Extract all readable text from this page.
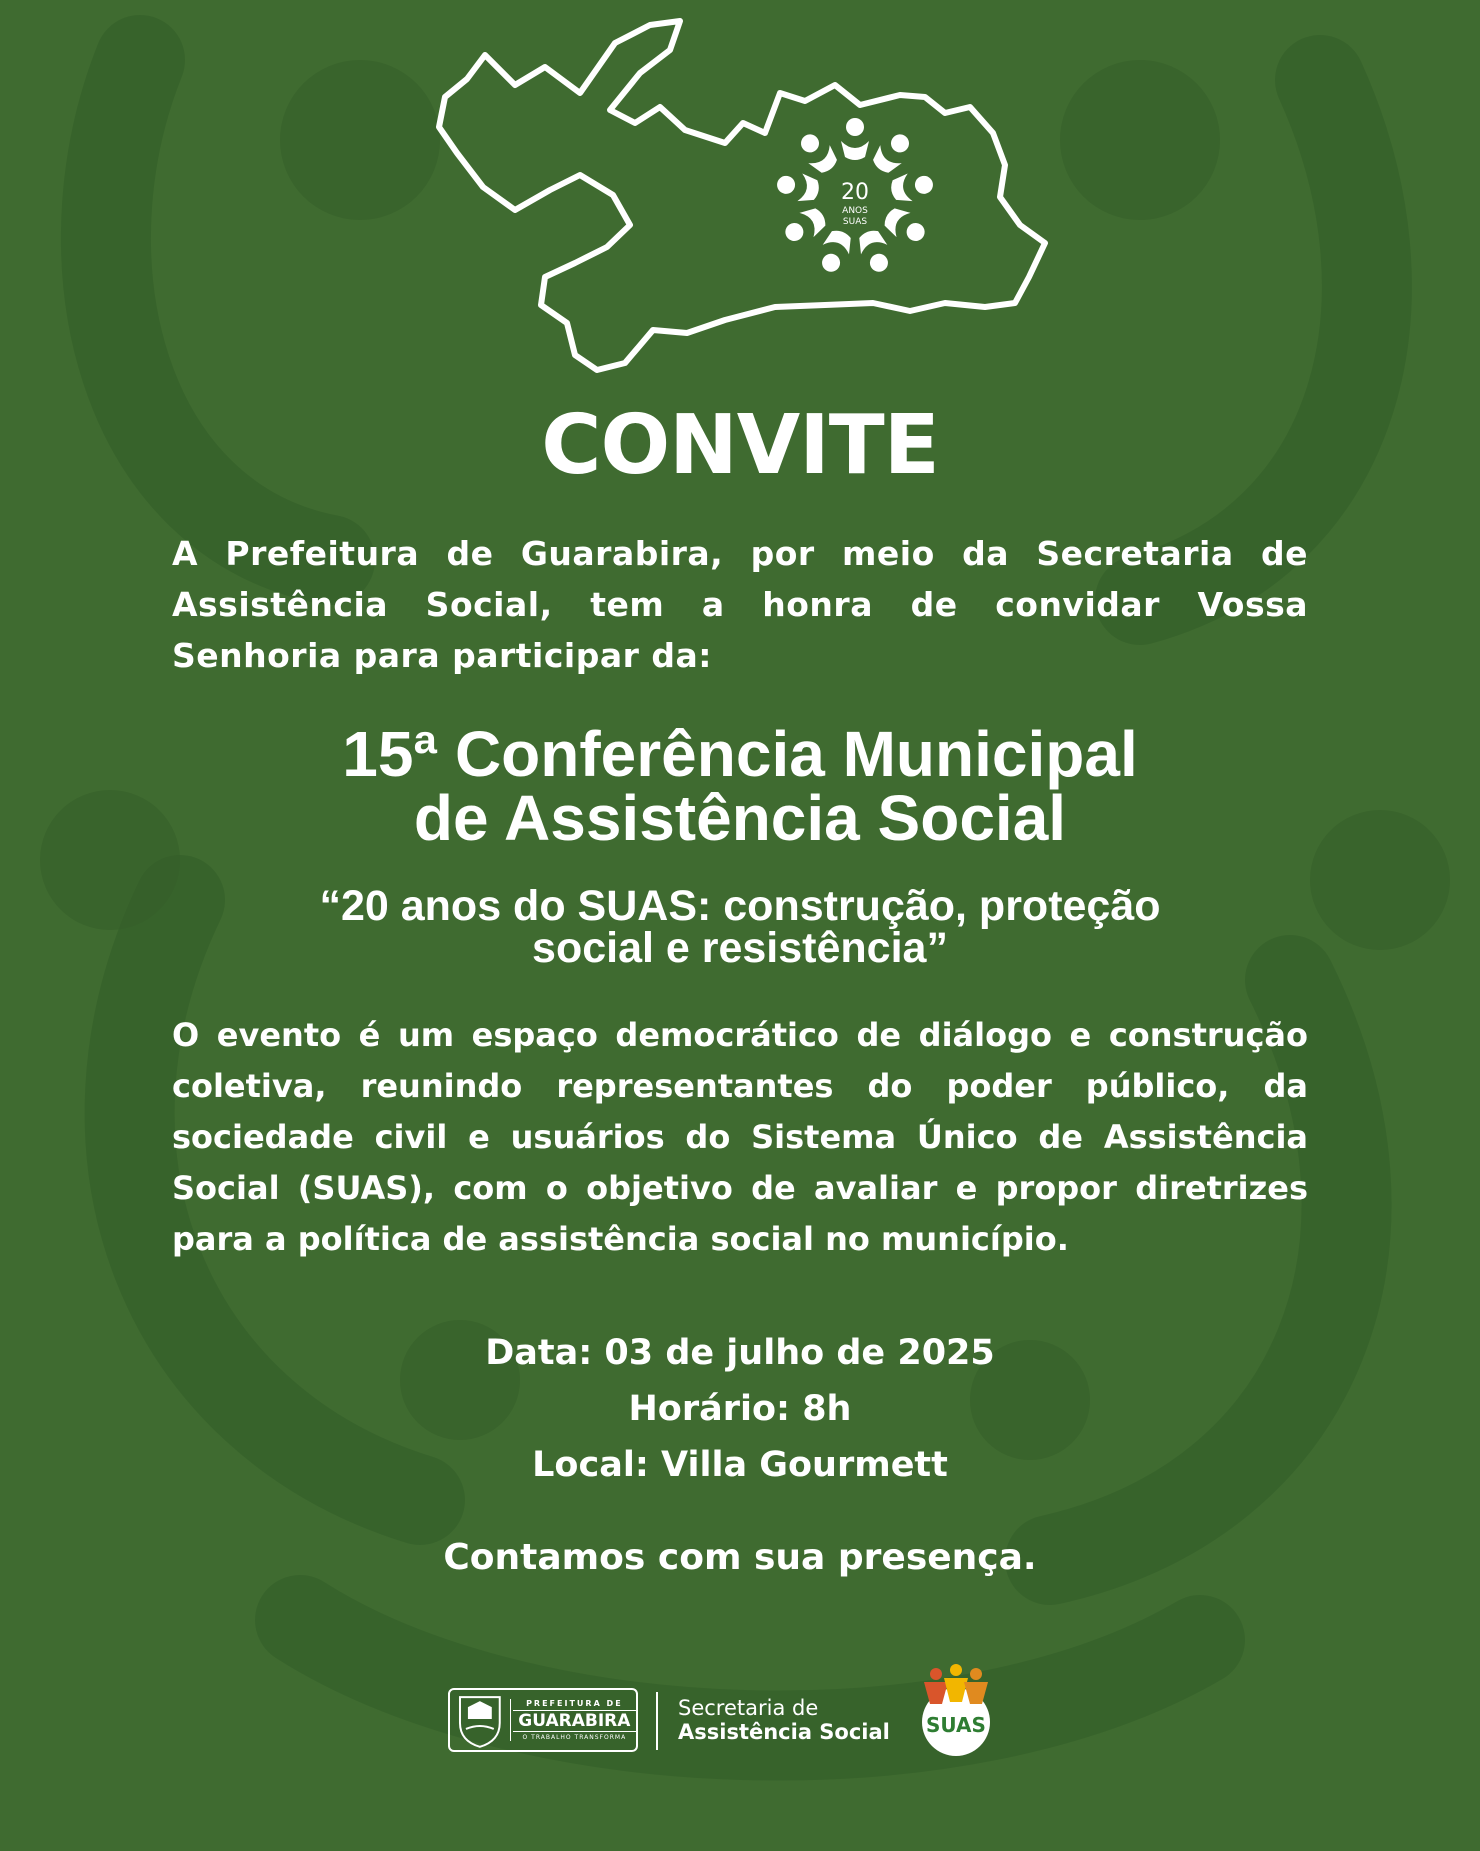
20
ANOS
SUAS
CONVITE
A Prefeitura de Guarabira, por meio da Secretaria de Assistência Social, tem a honra de convidar Vossa Senhoria para participar da:
15ª Conferência Municipal
de Assistência Social
“20 anos do SUAS: construção, proteção
social e resistência”
O evento é um espaço democrático de diálogo e construção coletiva, reunindo representantes do poder público, da sociedade civil e usuários do Sistema Único de Assistência Social (SUAS), com o objetivo de avaliar e propor diretrizes para a política de assistência social no município.
Data: 03 de julho de 2025
Horário: 8h
Local: Villa Gourmett
Contamos com sua presença.
PREFEITURA DE
GUARABIRA
O TRABALHO TRANSFORMA
Secretaria de
Assistência Social SUAS
